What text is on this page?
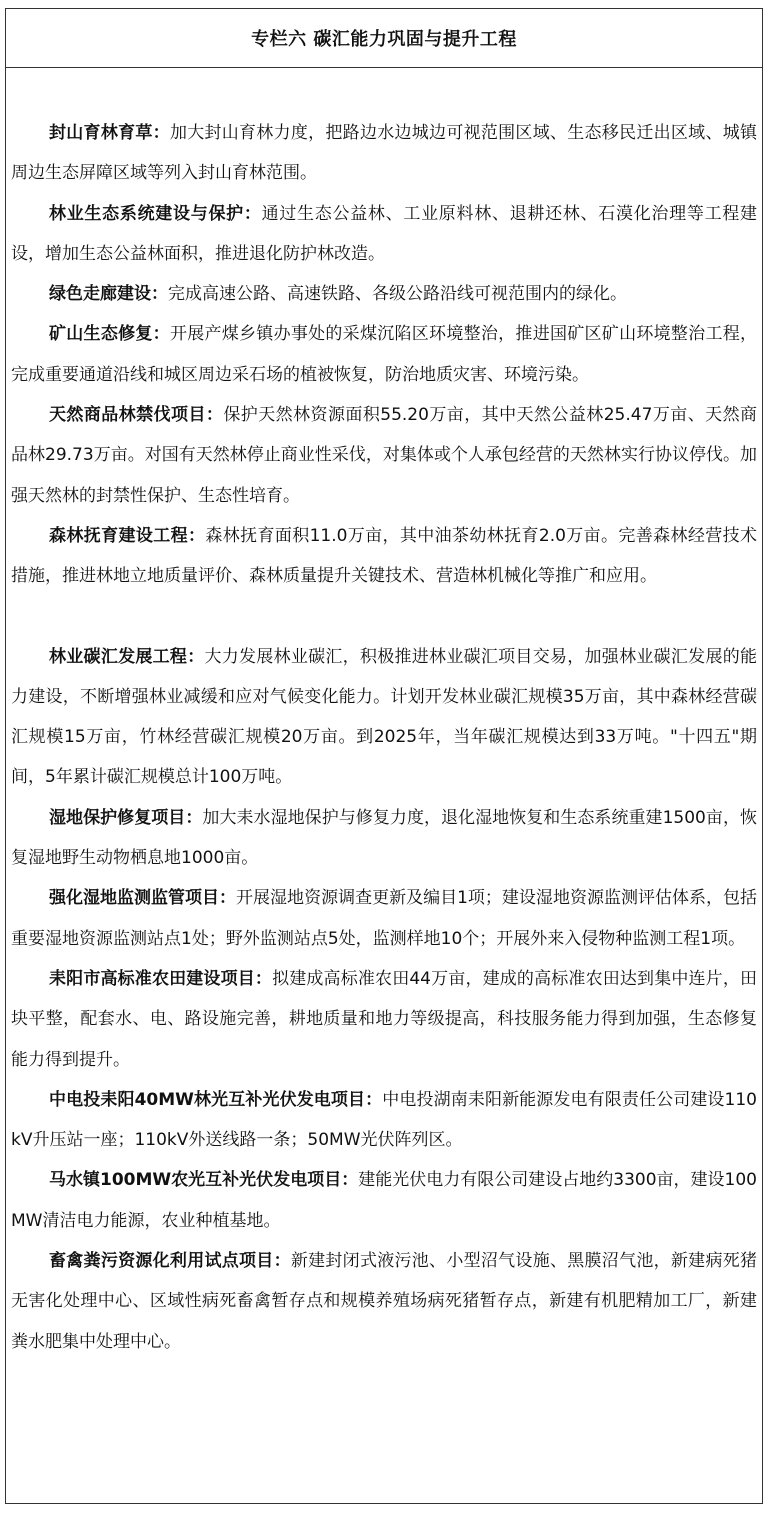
专栏六 碳汇能力巩固与提升工程

封山育林育草：加大封山育林力度，把路边水边城边可视范围区域、生态移民迁出区域、城镇周边生态屏障区域等列入封山育林范围。

林业生态系统建设与保护：通过生态公益林、工业原料林、退耕还林、石漠化治理等工程建设，增加生态公益林面积，推进退化防护林改造。

绿色走廊建设：完成高速公路、高速铁路、各级公路沿线可视范围内的绿化。

矿山生态修复：开展产煤乡镇办事处的采煤沉陷区环境整治，推进国矿区矿山环境整治工程，完成重要通道沿线和城区周边采石场的植被恢复，防治地质灾害、环境污染。

天然商品林禁伐项目：保护天然林资源面积55.20万亩，其中天然公益林25.47万亩、天然商品林29.73万亩。对国有天然林停止商业性采伐，对集体或个人承包经营的天然林实行协议停伐。加强天然林的封禁性保护、生态性培育。

森林抚育建设工程：森林抚育面积11.0万亩，其中油茶幼林抚育2.0万亩。完善森林经营技术措施，推进林地立地质量评价、森林质量提升关键技术、营造林机械化等推广和应用。

林业碳汇发展工程：大力发展林业碳汇，积极推进林业碳汇项目交易，加强林业碳汇发展的能力建设，不断增强林业减缓和应对气候变化能力。计划开发林业碳汇规模35万亩，其中森林经营碳汇规模15万亩，竹林经营碳汇规模20万亩。到2025年，当年碳汇规模达到33万吨。"十四五"期间，5年累计碳汇规模总计100万吨。

湿地保护修复项目：加大耒水湿地保护与修复力度，退化湿地恢复和生态系统重建1500亩，恢复湿地野生动物栖息地1000亩。

强化湿地监测监管项目：开展湿地资源调查更新及编目1项；建设湿地资源监测评估体系，包括重要湿地资源监测站点1处；野外监测站点5处，监测样地10个；开展外来入侵物种监测工程1项。

耒阳市高标准农田建设项目：拟建成高标准农田44万亩，建成的高标准农田达到集中连片，田块平整，配套水、电、路设施完善，耕地质量和地力等级提高，科技服务能力得到加强，生态修复能力得到提升。

中电投耒阳40MW林光互补光伏发电项目：中电投湖南耒阳新能源发电有限责任公司建设110kV升压站一座；110kV外送线路一条；50MW光伏阵列区。

马水镇100MW农光互补光伏发电项目：建能光伏电力有限公司建设占地约3300亩，建设100MW清洁电力能源，农业种植基地。

畜禽粪污资源化利用试点项目：新建封闭式液污池、小型沼气设施、黑膜沼气池，新建病死猪无害化处理中心、区域性病死畜禽暂存点和规模养殖场病死猪暂存点，新建有机肥精加工厂，新建粪水肥集中处理中心。
